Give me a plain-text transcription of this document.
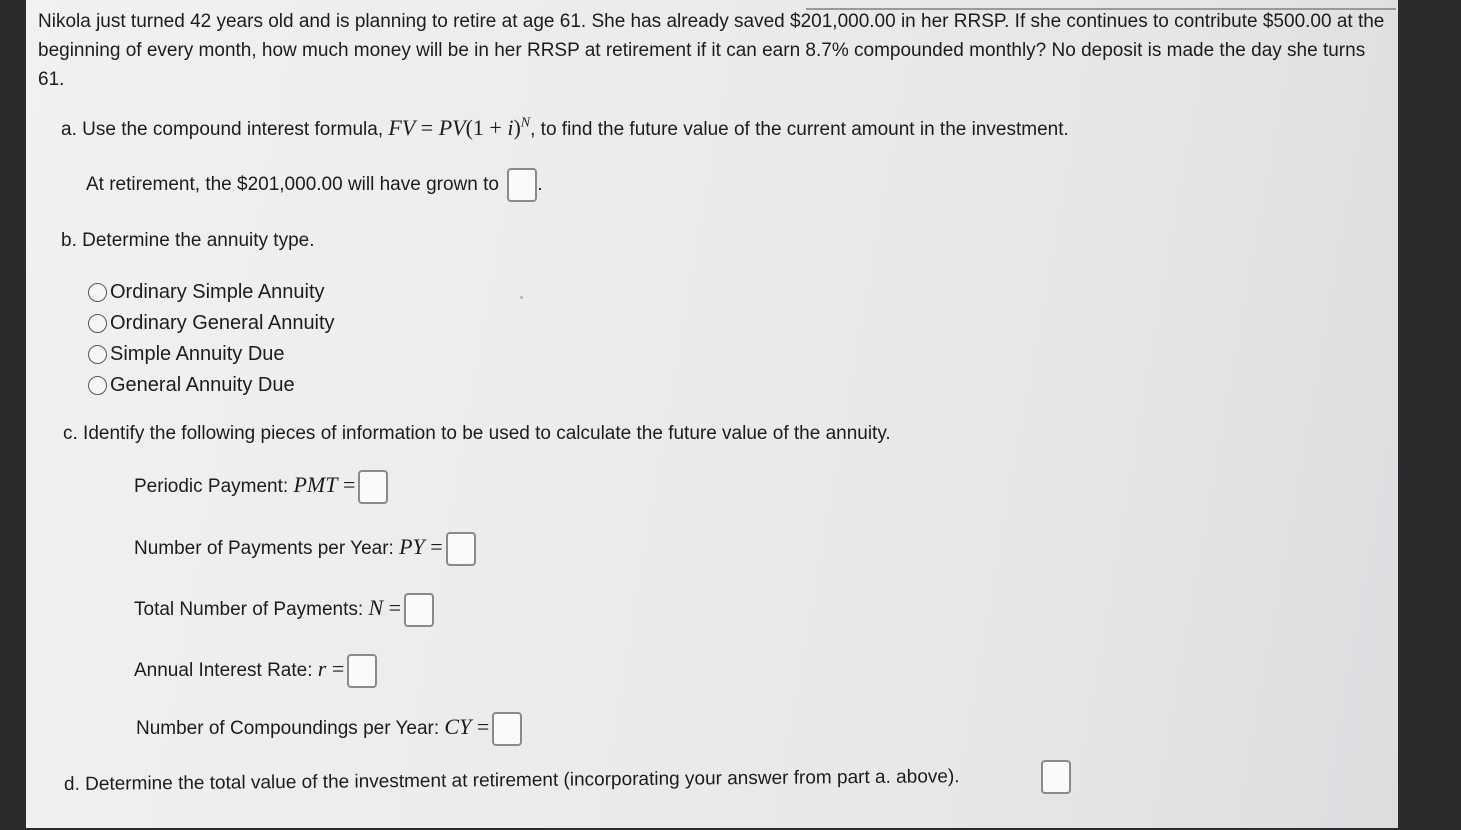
Nikola just turned 42 years old and is planning to retire at age 61. She has already saved $201,000.00 in her RRSP. If she continues to contribute $500.00 at the beginning of every month, how much money will be in her RRSP at retirement if it can earn 8.7% compounded monthly? No deposit is made the day she turns 61.

a. Use the compound interest formula, FV = $PV(1 + i)^N$, to find the future value of the current amount in the investment.
At retirement, the $201,000.00 will have grown to .
b. Determine the annuity type.
Ordinary Simple Annuity
Ordinary General Annuity
Simple Annuity Due
General Annuity Due
c. Identify the following pieces of information to be used to calculate the future value of the annuity.
Periodic Payment: PMT =
Number of Payments per Year: PY =
Total Number of Payments: N =
Annual Interest Rate: r =
Number of Compoundings per Year: CY =
d. Determine the total value of the investment at retirement (incorporating your answer from part a. above).
